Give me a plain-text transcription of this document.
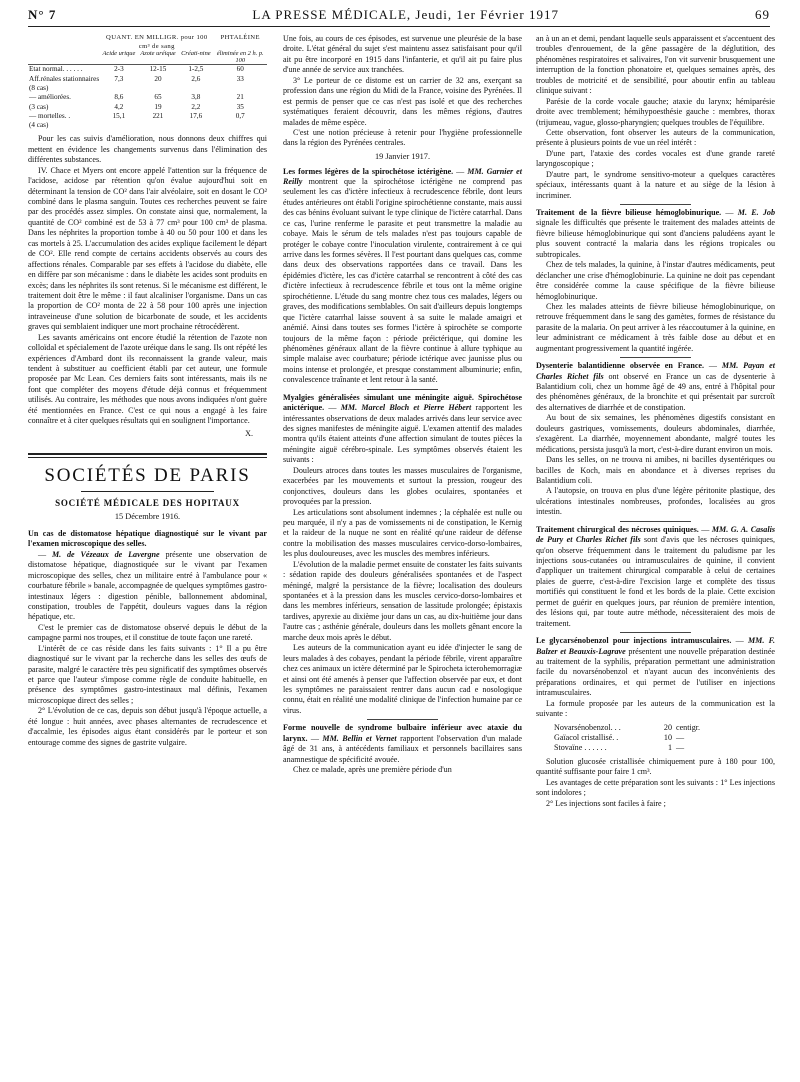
N° 7	LA PRESSE MÉDICALE, Jeudi, 1er Février 1917	69
	QUANT. EN MILLIGR. pour 100 cm³ de sang			PHTALÉINE
	Acide urique	Azote uréique	Créati-nine	éliminée en 2 h. p. 100

Etat normal. . . . . .	2-3	12-15	1-2,5	60
Aff.rénales stationnaires	7,3	20	2,6	33
(8 cas)				
— améliorées.	8,6	65	3,8	21
(3 cas)	4,2	19	2,2	35
— mortelles. .	15,1	221	17,6	0,7
(4 cas)				

Pour les cas suivis d'amélioration, nous donnons deux chiffres qui mettent en évidence les changements survenus dans l'élimination des différentes substances.

IV. Chace et Myers ont encore appelé l'attention sur la fréquence de l'acidose, acidose par rétention qu'on évalue aujourd'hui soit en déterminant la tension de CO² dans l'air alvéolaire, soit en dosant le CO² combiné dans le plasma sanguin. Toutes ces recherches peuvent se faire par des procédés assez simples. On constate ainsi que, normalement, la quantité de CO² combiné est de 53 à 77 cm³ pour 100 cm³ de plasma. Dans les néphrites la proportion tombe à 40 ou 50 pour 100 et dans les cas mortels à 25. L'accumulation des acides explique facilement le départ de CO². Elle rend compte de certains accidents observés au cours des affections rénales. Comparable par ses effets à l'acidose du diabète, elle en diffère par son mécanisme : dans le diabète les acides sont produits en excès; dans les néphrites ils sont retenus. Si le mécanisme est différent, le traitement doit être le même : il faut alcaliniser l'organisme. Dans un cas la proportion de CO² monta de 22 à 58 pour 100 après une injection intraveineuse d'une solution de bicarbonate de soude, et les accidents graves qui semblaient indiquer une mort prochaine rétrocédèrent.

Les savants américains ont encore étudié la rétention de l'azote non colloïdal et spécialement de l'azote uréique dans le sang. Ils ont répété les expériences d'Ambard dont ils reconnaissent la grande valeur, mais tendent à substituer au coefficient établi par cet auteur, une formule proposée par Mc Lean. Ces derniers faits sont intéressants, mais ils ne font que compléter des moyens d'étude déjà connus et fréquemment utilisés. Au contraire, les méthodes que nous avons indiquées n'ont guère été mentionnées en France. C'est ce qui nous a engagé à les faire connaître et à citer quelques résultats qui en soulignent l'importance.

X.
SOCIÉTÉS DE PARIS
SOCIÉTÉ MÉDICALE DES HOPITAUX
15 Décembre 1916.

Un cas de distomatose hépatique diagnostiqué sur le vivant par l'examen microscopique des selles.

— M. de Vézeaux de Lavergne présente une observation de distomatose hépatique, diagnostiquée sur le vivant par l'examen microscopique des selles, chez un militaire entré à l'ambulance pour « courbature fébrile » banale, accompagnée de quelques symptômes gastro-intestinaux légers : digestion pénible, ballonnement abdominal, constipation, troubles de l'appétit, douleurs vagues dans la région hépatique, etc.

C'est le premier cas de distomatose observé depuis le début de la campagne parmi nos troupes, et il constitue de toute façon une rareté.

L'intérêt de ce cas réside dans les faits suivants : 1° Il a pu être diagnostiqué sur le vivant par la recherche dans les selles des œufs de parasite, malgré le caractère très peu significatif des symptômes observés et parce que l'auteur s'impose comme règle de conduite habituelle, en présence des symptômes gastro-intestinaux mal définis, l'examen microscopique direct des selles ;

2° L'évolution de ce cas, depuis son début jusqu'à l'époque actuelle, a été longue : huit années, avec phases alternantes de recrudescence et d'accalmie, les épisodes aigus étant considérés par le porteur et son entourage comme des signes de gastrite vulgaire.

Une fois, au cours de ces épisodes, est survenue une pleurésie de la base droite. L'état général du sujet s'est maintenu assez satisfaisant pour qu'il ait pu être incorporé en 1915 dans l'infanterie, et qu'il ait pu faire plus d'une année de service aux tranchées.

3° Le porteur de ce distome est un carrier de 32 ans, exerçant sa profession dans une région du Midi de la France, voisine des Pyrénées. Il est permis de penser que ce cas n'est pas isolé et que des recherches systématiques feraient découvrir, dans les mêmes régions, d'autres malades de même espèce.

C'est une notion précieuse à retenir pour l'hygiène professionnelle dans la région des Pyrénées centrales.

19 Janvier 1917.

Les formes légères de la spirochétose ictérigène. — MM. Garnier et Reilly montrent que la spirochétose ictérigène ne comprend pas seulement les cas d'ictère infectieux à recrudescence fébrile, dont leurs études antérieures ont établi l'origine spirochétienne constante, mais aussi des cas bénins évoluant suivant le type clinique de l'ictère catarrhal. Dans ce cas, l'urine renferme le parasite et peut transmettre la maladie au cobaye. Mais le sérum de tels malades n'est pas toujours capable de protéger le cobaye contre l'inoculation virulente, contrairement à ce qui arrive dans les formes sévères. Il l'est pourtant dans quelques cas, comme dans deux des observations rapportées dans ce travail. Dans les épidémies d'ictère, les cas d'ictère catarrhal se rencontrent à côté des cas d'ictère infectieux à recrudescence fébrile et tous ont la même origine spirochétienne. L'étude du sang montre chez tous ces malades, légers ou graves, des modifications semblables. On sait d'ailleurs depuis longtemps que l'ictère catarrhal laisse souvent à sa suite le malade amaigri et anémié. Ainsi dans toutes ses formes l'ictère à spirochète se comporte toujours de la même façon : période préictérique, qui domine les phénomènes généraux allant de la fièvre continue à allure typhique au simple malaise avec courbature; période ictérique avec jaunisse plus ou moins intense et prolongée, et presque constamment albuminurie; enfin, convalescence traînante et lent retour à la santé.

Myalgies généralisées simulant une méningite aiguë. Spirochétose anictérique. — MM. Marcel Bloch et Pierre Hébert rapportent les intéressantes observations de deux malades arrivés dans leur service avec des signes manifestes de méningite aiguë. L'examen attentif des malades montra qu'ils étaient atteints d'une affection simulant de toutes pièces la méningite aiguë cérébro-spinale. Les symptômes observés étaient les suivants :

Douleurs atroces dans toutes les masses musculaires de l'organisme, exacerbées par les mouvements et surtout la pression, rougeur des conjonctives, douleurs dans les globes oculaires, spontanées et provoquées par la pression.

Les articulations sont absolument indemnes ; la céphalée est nulle ou peu marquée, il n'y a pas de vomissements ni de constipation, le Kernig et la raideur de la nuque ne sont en réalité qu'une raideur de défense contre la mobilisation des masses musculaires cervico-dorso-lombaires, les plus douloureuses, avec les muscles des membres inférieurs.

L'évolution de la maladie permet ensuite de constater les faits suivants : sédation rapide des douleurs généralisées spontanées et de l'aspect méningé, malgré la persistance de la fièvre; localisation des douleurs spontanées et à la pression dans les muscles cervico-dorso-lombaires et dans les membres inférieurs, sensation de lassitude prolongée; épistaxis tardives, apyrexie au dixième jour dans un cas, au dix-huitième jour dans l'autre cas ; asthénie générale, douleurs dans les mollets gênant encore la marche deux mois après le début.

Les auteurs de la communication ayant eu idée d'injecter le sang de leurs malades à des cobayes, pendant la période fébrile, virent apparaître chez ces animaux un ictère déterminé par le Spirocheta icterohemorragiæ et ainsi ont été amenés à penser que l'affection observée par eux, et dont les symptômes ne paraissaient rentrer dans aucun cad e nosologique connu, était en réalité une modalité clinique de l'infection humaine par ce virus.

Forme nouvelle de syndrome bulbaire inférieur avec ataxie du larynx. — MM. Bellin et Vernet rapportent l'observation d'un malade âgé de 31 ans, à antécédents familiaux et personnels bacillaires sans anamnestique de spécificité avouée.

Chez ce malade, après une première période d'un

an à un an et demi, pendant laquelle seuls apparaissent et s'accentuent des troubles d'enrouement, de la gêne passagère de la déglutition, des phénomènes respiratoires et salivaires, l'on vit survenir brusquement une interruption de la fonction phonatoire et, quelques semaines après, des troubles de motricité et de sensibilité, pour aboutir enfin au tableau clinique suivant :

Parésie de la corde vocale gauche; ataxie du larynx; hémiparésie droite avec tremblement; hémihypoesthésie gauche : membres, thorax (trijumeau, vague, glosso-pharyngien; quelques troubles de l'équilibre.

Cette observation, font observer les auteurs de la communication, présente à plusieurs points de vue un réel intérêt :

D'une part, l'ataxie des cordes vocales est d'une grande rareté laryngoscopique ;

D'autre part, le syndrome sensitivo-moteur a quelques caractères spéciaux, intéressants quant à la nature et au siège de la lésion à incriminer.

Traitement de la fièvre bilieuse hémoglobinurique. — M. E. Job signale les difficultés que présente le traitement des malades atteints de fièvre bilieuse hémoglobinurique qui sont d'anciens paludéens ayant le plus souvent contracté la malaria dans les régions tropicales ou subtropicales.

Chez de tels malades, la quinine, à l'instar d'autres médicaments, peut déclancher une crise d'hémoglobinurie. La quinine ne doit pas cependant être considérée comme la cause spécifique de la fièvre bilieuse hémoglobinurique.

Chez les malades atteints de fièvre bilieuse hémoglobinurique, on retrouve fréquemment dans le sang des gamètes, formes de résistance du parasite de la malaria. On peut arriver à les réaccoutumer à la quinine, en leur administrant ce médicament à très faible dose au début et en augmentant progressivement la quantité ingérée.

Dysenterie balantidienne observée en France. — MM. Payan et Charles Richet fils ont observé en France un cas de dysenterie à Balantidium coli, chez un homme âgé de 49 ans, entré à l'hôpital pour des phénomènes généraux, de la bronchite et qui présentait par surcroît des alternatives de diarrhée et de constipation.

Au bout de six semaines, les phénomènes digestifs consistant en douleurs gastriques, vomissements, douleurs abdominales, diarrhée, s'exagèrent. La diarrhée, moyennement abondante, malgré toutes les médications, persista jusqu'à la mort, c'est-à-dire durant environ un mois.

Dans les selles, on ne trouva ni amibes, ni bacilles dysentériques ou bacilles de Koch, mais en abondance et à diverses reprises du Balantidium coli.

A l'autopsie, on trouva en plus d'une légère péritonite plastique, des ulcérations intestinales nombreuses, profondes, localisées au gros intestin.

Traitement chirurgical des nécroses quiniques. — MM. G. A. Casalis de Pury et Charles Richet fils sont d'avis que les nécroses quiniques, qu'on observe fréquemment dans le traitement du paludisme par les injections sous-cutanées ou intramusculaires de quinine, il convient d'appliquer un traitement chirurgical comparable à celui de certaines plaies de guerre, c'est-à-dire l'excision large et complète des tissus mortifiés qui constituent le fond et les bords de la plaie. Cette excision permet de guérir en quelques jours, par réunion de première intention, des lésions qui, par toute autre méthode, nécessiteraient des mois de traitement.

Le glycarsénobenzol pour injections intramusculaires. — MM. F. Balzer et Beauxis-Lagrave présentent une nouvelle préparation destinée au traitement de la syphilis, préparation permettant une administration facile du novarsénobenzol et n'ayant aucun des inconvénients des préparations ordinaires, et qui permet de l'utiliser en injections intramusculaires.

La formule proposée par les auteurs de la communication est la suivante :

Novarsénobenzol. . .	20 centigr.
Gaïacol cristallisé. .	10 —
Stovaïne . . . . . .	1 —

Solution glucosée cristallisée chimiquement pure à 180 pour 100, quantité suffisante pour faire 1 cm³.

Les avantages de cette préparation sont les suivants : 1° Les injections sont indolores ;

2° Les injections sont faciles à faire ;
